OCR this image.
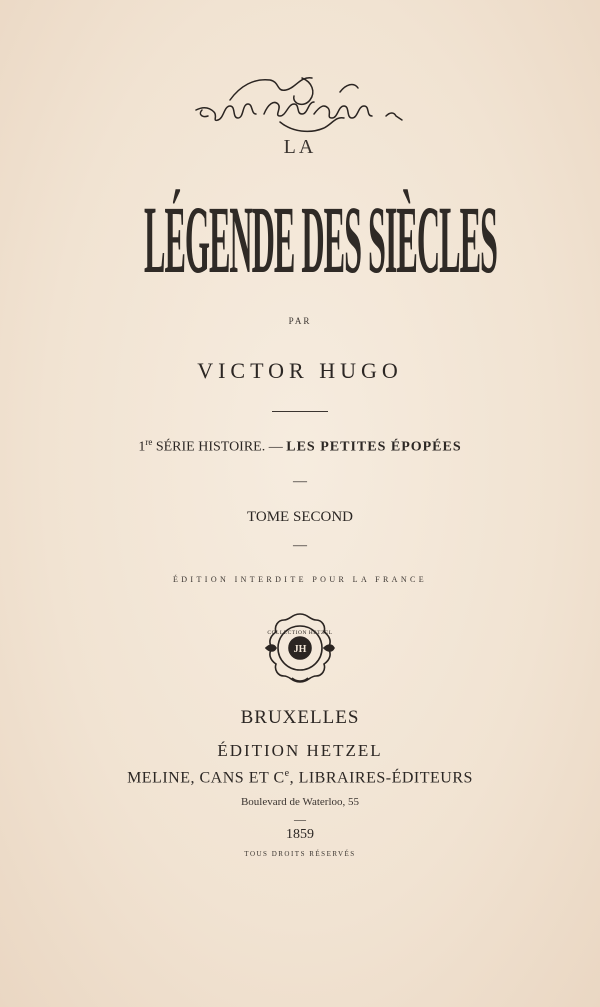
LA
LÉGENDE DES SIÈCLES
PAR
VICTOR HUGO
1re SÉRIE HISTOIRE. — LES PETITES ÉPOPÉES
—
TOME SECOND
—
ÉDITION INTERDITE POUR LA FRANCE
JH
COLLECTION HETZEL
BRUXELLES
ÉDITION HETZEL
MELINE, CANS ET Ce, LIBRAIRES-ÉDITEURS
Boulevard de Waterloo, 55
—
1859
TOUS DROITS RÉSERVÉS
